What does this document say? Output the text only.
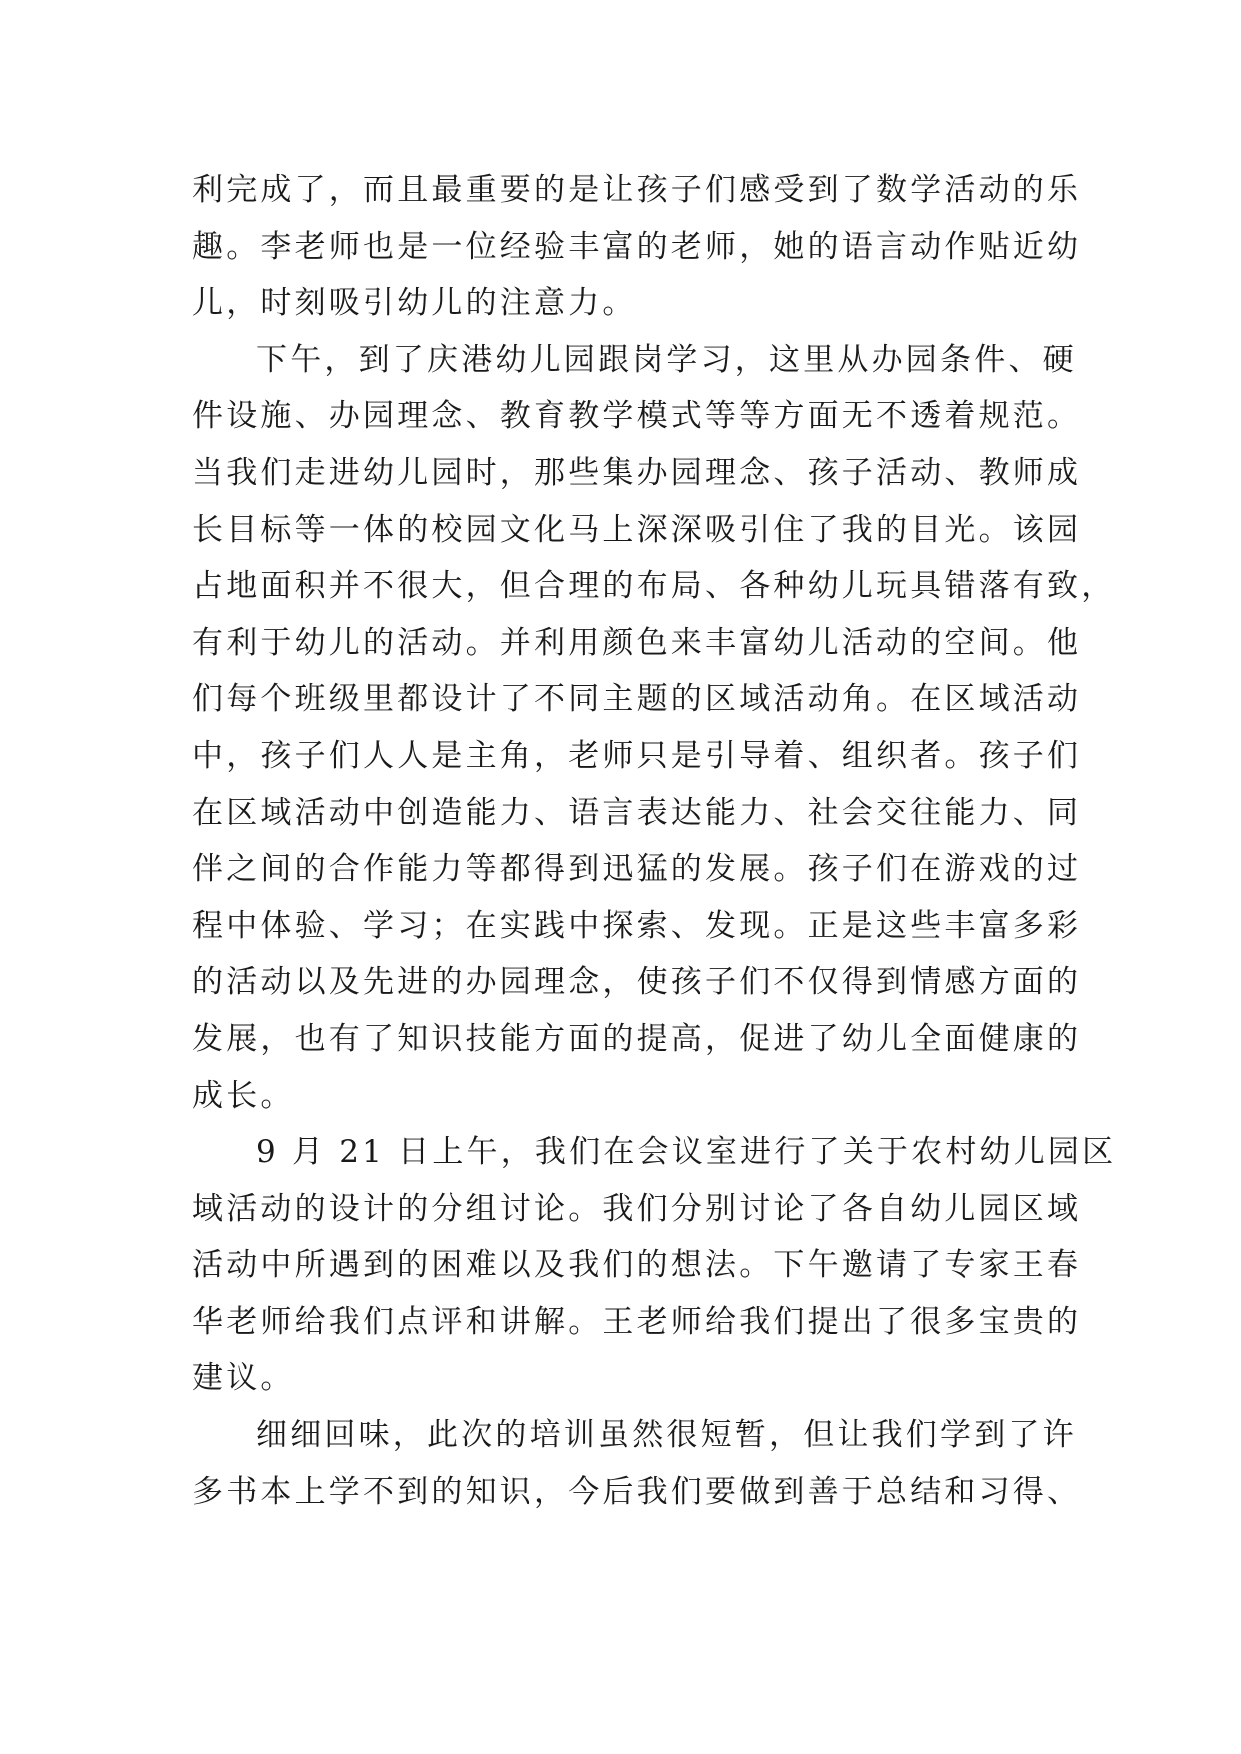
利完成了，而且最重要的是让孩子们感受到了数学活动的乐
趣。李老师也是一位经验丰富的老师，她的语言动作贴近幼
儿，时刻吸引幼儿的注意力。
下午，到了庆港幼儿园跟岗学习，这里从办园条件、硬
件设施、办园理念、教育教学模式等等方面无不透着规范。
当我们走进幼儿园时，那些集办园理念、孩子活动、教师成
长目标等一体的校园文化马上深深吸引住了我的目光。该园
占地面积并不很大，但合理的布局、各种幼儿玩具错落有致，
有利于幼儿的活动。并利用颜色来丰富幼儿活动的空间。他
们每个班级里都设计了不同主题的区域活动角。在区域活动
中，孩子们人人是主角，老师只是引导着、组织者。孩子们
在区域活动中创造能力、语言表达能力、社会交往能力、同
伴之间的合作能力等都得到迅猛的发展。孩子们在游戏的过
程中体验、学习；在实践中探索、发现。正是这些丰富多彩
的活动以及先进的办园理念，使孩子们不仅得到情感方面的
发展，也有了知识技能方面的提高，促进了幼儿全面健康的
成长。
9 月 21 日上午，我们在会议室进行了关于农村幼儿园区
域活动的设计的分组讨论。我们分别讨论了各自幼儿园区域
活动中所遇到的困难以及我们的想法。下午邀请了专家王春
华老师给我们点评和讲解。王老师给我们提出了很多宝贵的
建议。
细细回味，此次的培训虽然很短暂，但让我们学到了许
多书本上学不到的知识，今后我们要做到善于总结和习得、
